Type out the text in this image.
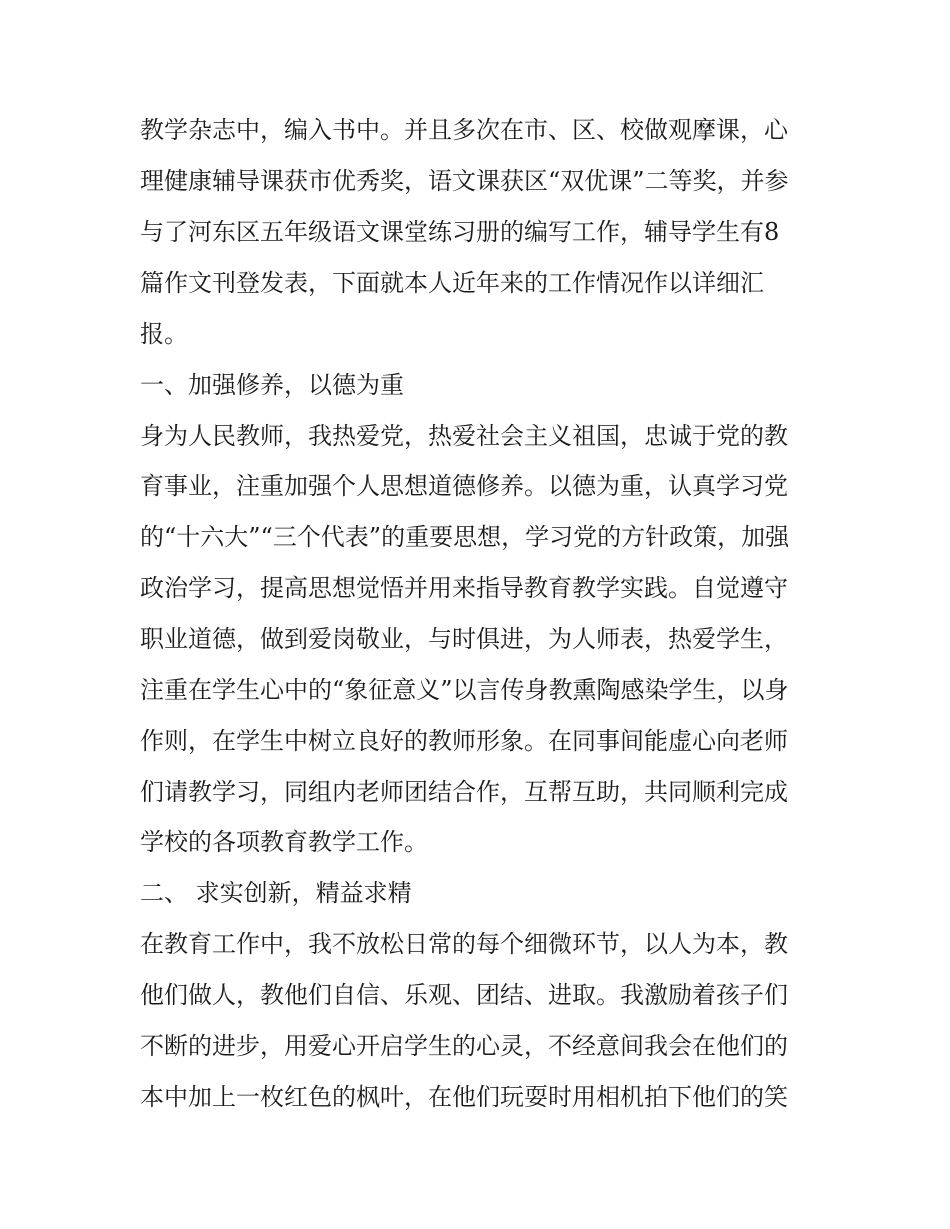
教学杂志中，编入书中。并且多次在市、区、校做观摩课，心
理健康辅导课获市优秀奖，语文课获区“双优课”二等奖，并参
与了河东区五年级语文课堂练习册的编写工作，辅导学生有8
篇作文刊登发表，下面就本人近年来的工作情况作以详细汇
报。
一、加强修养，以德为重
身为人民教师，我热爱党，热爱社会主义祖国，忠诚于党的教
育事业，注重加强个人思想道德修养。以德为重，认真学习党
的“十六大”“三个代表”的重要思想，学习党的方针政策，加强
政治学习，提高思想觉悟并用来指导教育教学实践。自觉遵守
职业道德，做到爱岗敬业，与时俱进，为人师表，热爱学生，
注重在学生心中的“象征意义”以言传身教熏陶感染学生，以身
作则，在学生中树立良好的教师形象。在同事间能虚心向老师
们请教学习，同组内老师团结合作，互帮互助，共同顺利完成
学校的各项教育教学工作。
二、 求实创新，精益求精
在教育工作中，我不放松日常的每个细微环节，以人为本，教
他们做人，教他们自信、乐观、团结、进取。我激励着孩子们
不断的进步，用爱心开启学生的心灵，不经意间我会在他们的
本中加上一枚红色的枫叶，在他们玩耍时用相机拍下他们的笑
